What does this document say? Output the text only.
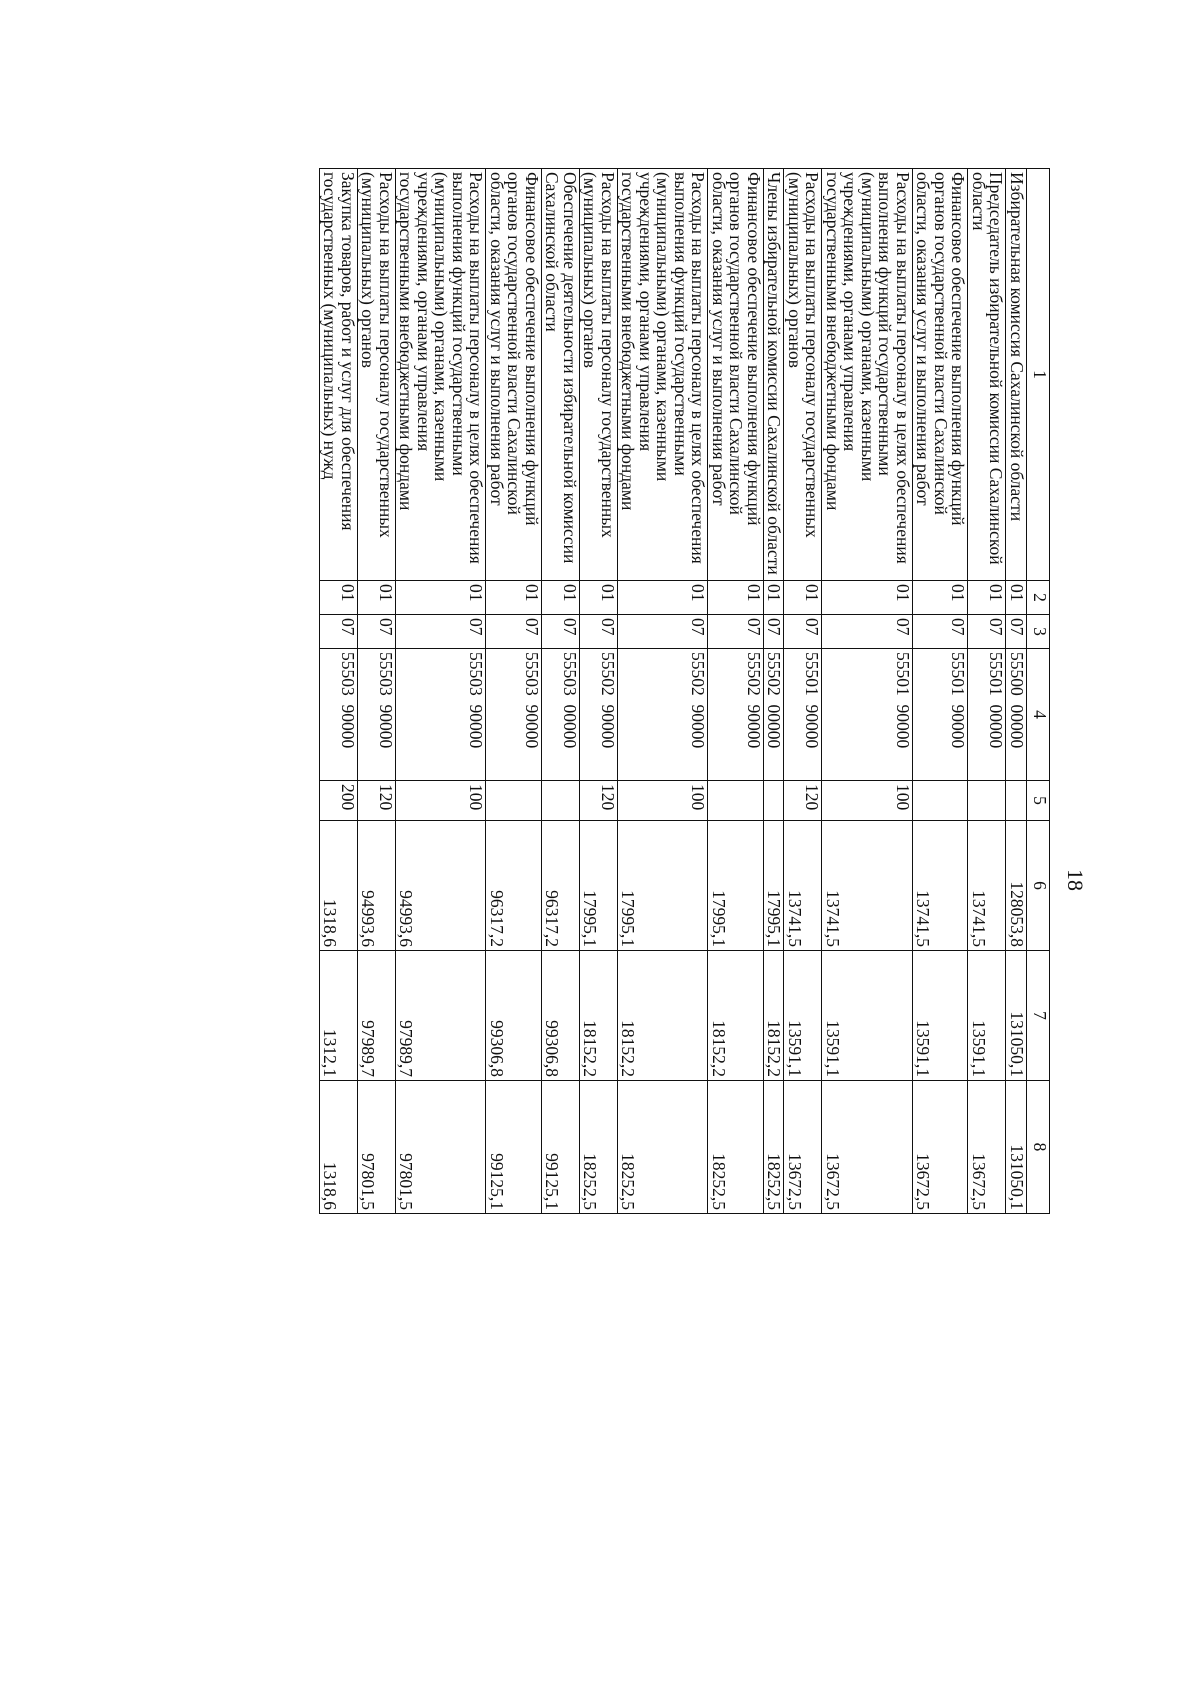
18
1	2	3	4	5	6	7	8
Избирательная комиссия Сахалинской области	01	07	55500  00000		128053,8	131050,1	131050,1
Председатель избирательной комиссии Сахалинской области	01	07	55501  00000		13741,5	13591,1	13672,5
Финансовое обеспечение выполнения функций органов государственной власти Сахалинской области, оказания услуг и выполнения работ	01	07	55501  90000		13741,5	13591,1	13672,5
Расходы на выплаты персоналу в целях обеспечения выполнения функций государственными (муниципальными) органами, казенными учреждениями, органами управления государственными внебюджетными фондами	01	07	55501  90000	100	13741,5	13591,1	13672,5
Расходы на выплаты персоналу государственных (муниципальных) органов	01	07	55501  90000	120	13741,5	13591,1	13672,5
Члены избирательной комиссии Сахалинской области	01	07	55502  00000		17995,1	18152,2	18252,5
Финансовое обеспечение выполнения функций органов государственной власти Сахалинской области, оказания услуг и выполнения работ	01	07	55502  90000		17995,1	18152,2	18252,5
Расходы на выплаты персоналу в целях обеспечения выполнения функций государственными (муниципальными) органами, казенными учреждениями, органами управления государственными внебюджетными фондами	01	07	55502  90000	100	17995,1	18152,2	18252,5
Расходы на выплаты персоналу государственных (муниципальных) органов	01	07	55502  90000	120	17995,1	18152,2	18252,5
Обеспечение деятельности избирательной комиссии Сахалинской области	01	07	55503  00000		96317,2	99306,8	99125,1
Финансовое обеспечение выполнения функций органов государственной власти Сахалинской области, оказания услуг и выполнения работ	01	07	55503  90000		96317,2	99306,8	99125,1
Расходы на выплаты персоналу в целях обеспечения выполнения функций государственными (муниципальными) органами, казенными учреждениями, органами управления государственными внебюджетными фондами	01	07	55503  90000	100	94993,6	97989,7	97801,5
Расходы на выплаты персоналу государственных (муниципальных) органов	01	07	55503  90000	120	94993,6	97989,7	97801,5
Закупка товаров, работ и услуг для обеспечения государственных (муниципальных) нужд	01	07	55503  90000	200	1318,6	1312,1	1318,6
